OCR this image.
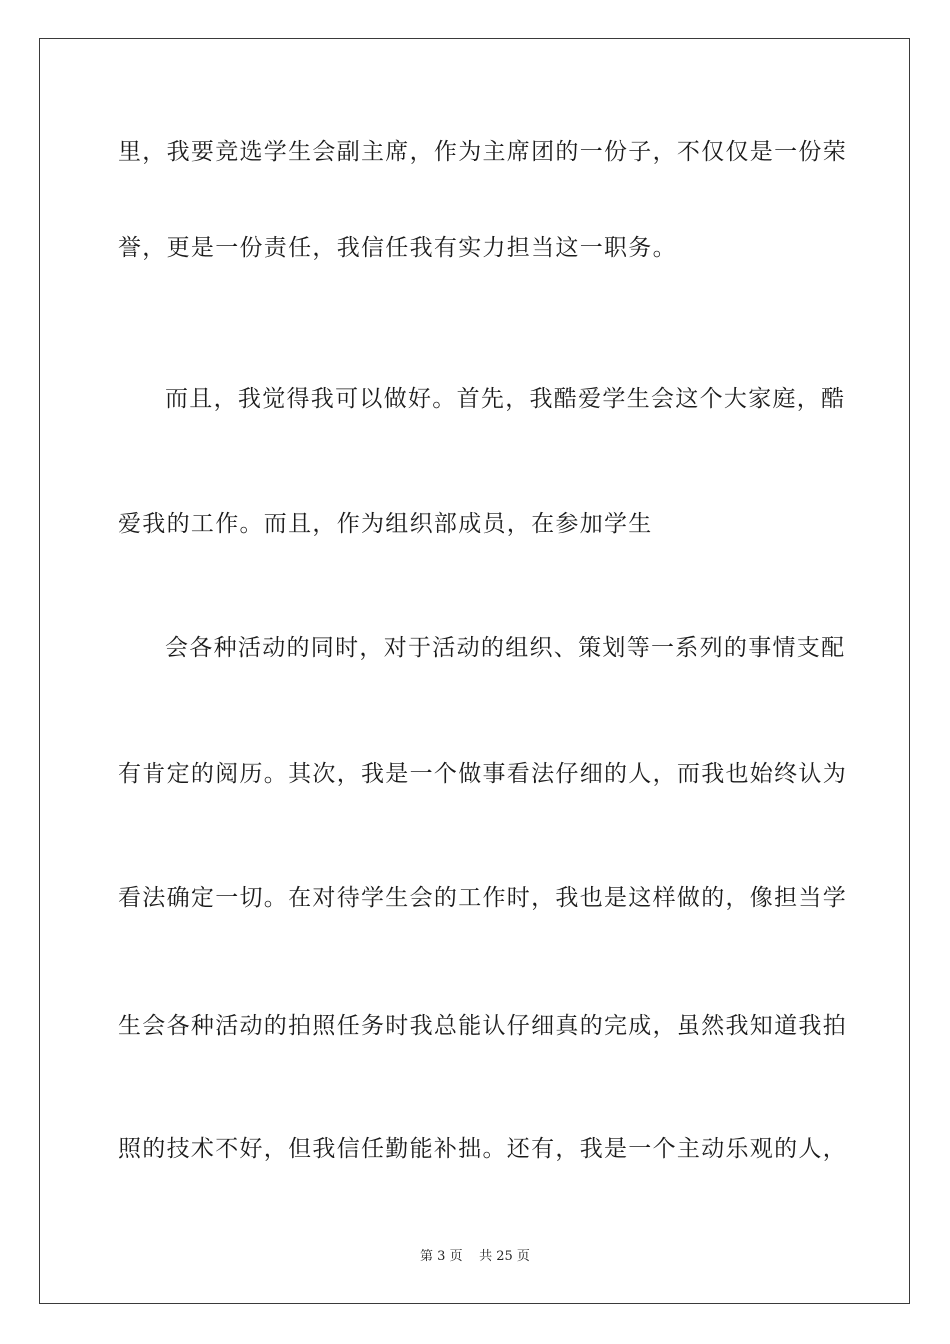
里，我要竞选学生会副主席，作为主席团的一份子，不仅仅是一份荣
誉，更是一份责任，我信任我有实力担当这一职务。
而且，我觉得我可以做好。首先，我酷爱学生会这个大家庭，酷
爱我的工作。而且，作为组织部成员，在参加学生
会各种活动的同时，对于活动的组织、策划等一系列的事情支配
有肯定的阅历。其次，我是一个做事看法仔细的人，而我也始终认为
看法确定一切。在对待学生会的工作时，我也是这样做的，像担当学
生会各种活动的拍照任务时我总能认仔细真的完成，虽然我知道我拍
照的技术不好，但我信任勤能补拙。还有，我是一个主动乐观的人，
第 3 页 共 25 页
